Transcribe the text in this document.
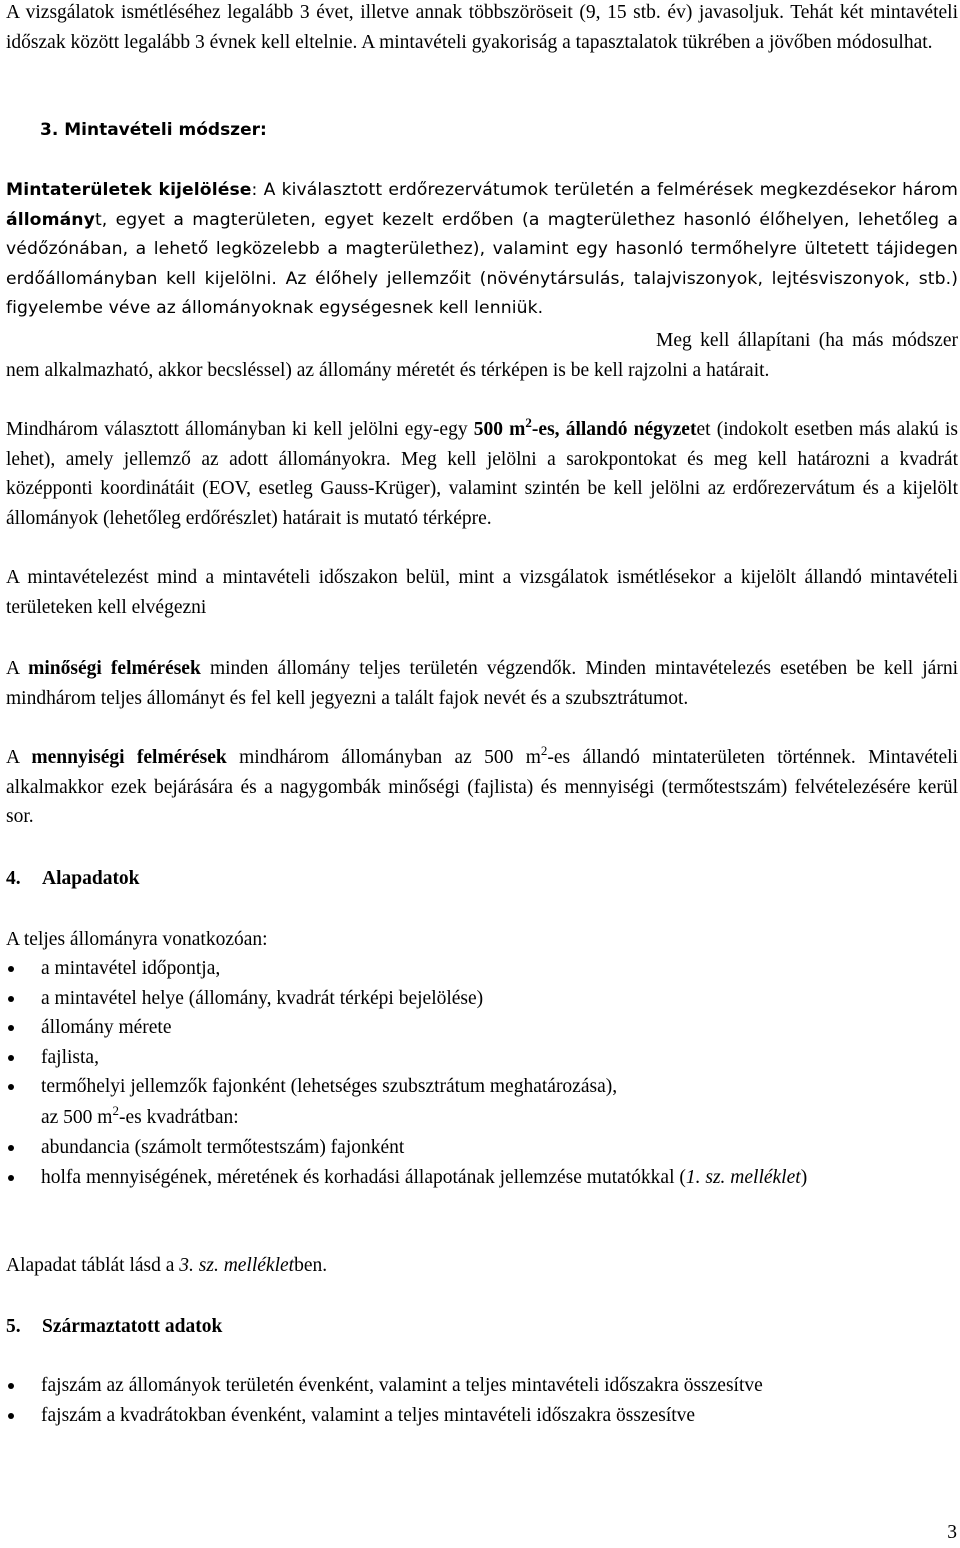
A vizsgálatok ismétléséhez legalább 3 évet, illetve annak többszöröseit (9, 15 stb. év) javasoljuk. Tehát két mintavételi időszak között legalább 3 évnek kell eltelnie. A mintavételi gyakoriság a tapasztalatok tükrében a jövőben módosulhat.

3. Mintavételi módszer:

Mintaterületek kijelölése: A kiválasztott erdőrezervátumok területén a felmérések megkezdésekor három állományt, egyet a magterületen, egyet kezelt erdőben (a magterülethez hasonló élőhelyen, lehetőleg a védőzónában, a lehető legközelebb a magterülethez), valamint egy hasonló termőhelyre ültetett tájidegen erdőállományban kell kijelölni. Az élőhely jellemzőit (növénytársulás, talajviszonyok, lejtésviszonyok, stb.) figyelembe véve az állományoknak egységesnek kell lenniük.

Meg kell állapítani (ha más módszer nem alkalmazható, akkor becsléssel) az állomány méretét és térképen is be kell rajzolni a határait.

Mindhárom választott állományban ki kell jelölni egy-egy 500 $m^2-es$, állandó négyzetet (indokolt esetben más alakú is lehet), amely jellemző az adott állományokra. Meg kell jelölni a sarokpontokat és meg kell határozni a kvadrát középponti koordinátáit (EOV, esetleg Gauss-Krüger), valamint szintén be kell jelölni az erdőrezervátum és a kijelölt állományok (lehetőleg erdőrészlet) határait is mutató térképre.

A mintavételezést mind a mintavételi időszakon belül, mint a vizsgálatok ismétlésekor a kijelölt állandó mintavételi területeken kell elvégezni

A minőségi felmérések minden állomány teljes területén végzendők. Minden mintavételezés esetében be kell járni mindhárom teljes állományt és fel kell jegyezni a talált fajok nevét és a szubsztrátumot.

A mennyiségi felmérések mindhárom állományban az 500 $m^2-es$ állandó mintaterületen történnek. Mintavételi alkalmakkor ezek bejárására és a nagygombák minőségi (fajlista) és mennyiségi (termőtestszám) felvételezésére kerül sor.

4. Alapadatok

A teljes állományra vonatkozóan:

a mintavétel időpontja,
a mintavétel helye (állomány, kvadrát térképi bejelölése)
állomány mérete
fajlista,
termőhelyi jellemzők fajonként (lehetséges szubsztrátum meghatározása),

az 500 $m^2-es$ kvadrátban:

abundancia (számolt termőtestszám) fajonként
holfa mennyiségének, méretének és korhadási állapotának jellemzése mutatókkal (1. sz. melléklet)

Alapadat táblát lásd a 3. sz. mellékletben.

5. Származtatott adatok
fajszám az állományok területén évenként, valamint a teljes mintavételi időszakra összesítve
fajszám a kvadrátokban évenként, valamint a teljes mintavételi időszakra összesítve
3
